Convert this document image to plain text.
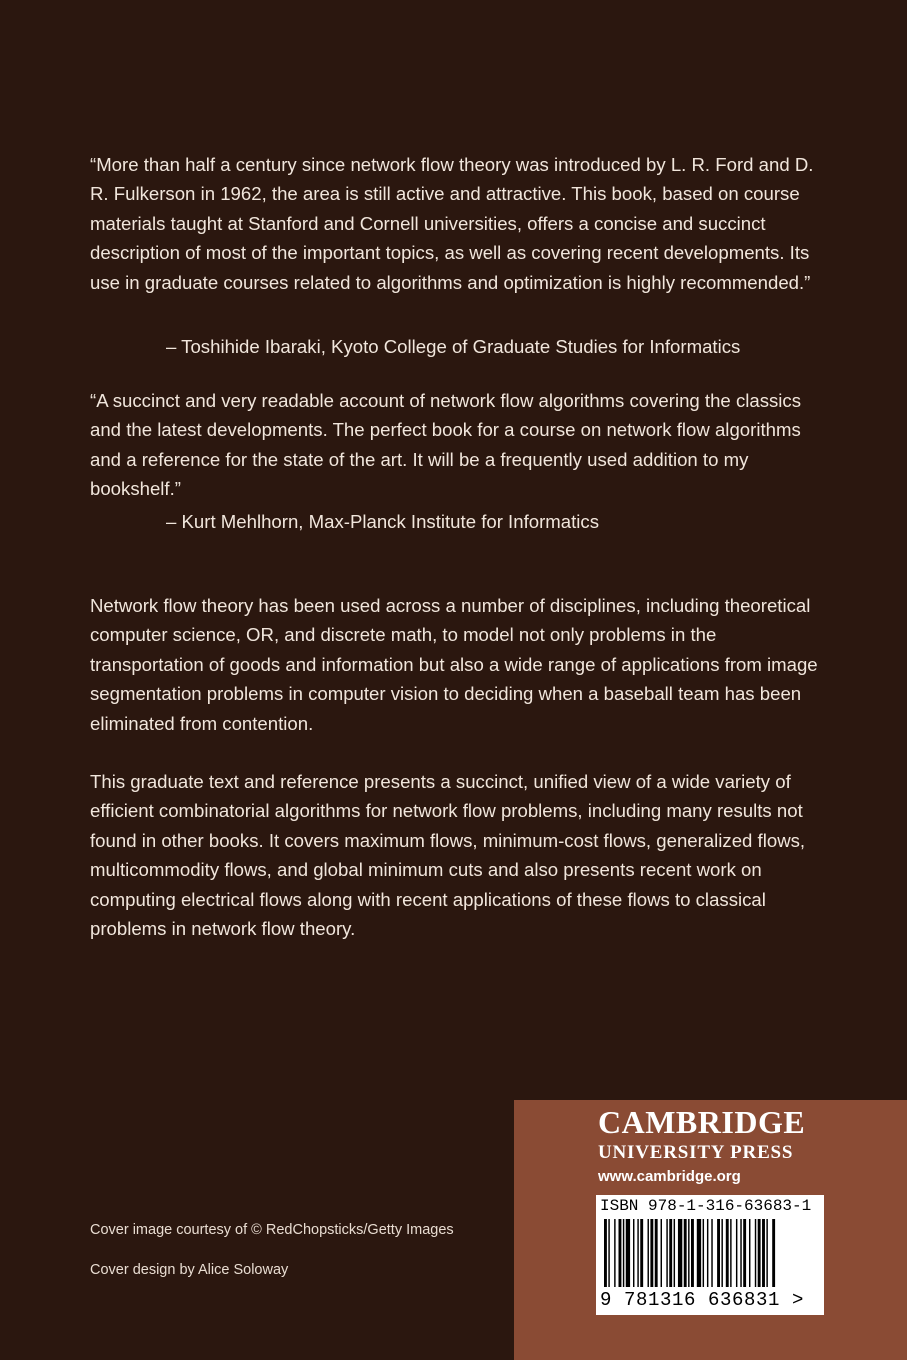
“More than half a century since network flow theory was introduced by L. R. Ford and D. R. Fulkerson in 1962, the area is still active and attractive. This book, based on course materials taught at Stanford and Cornell universities, offers a concise and succinct description of most of the important topics, as well as covering recent developments. Its use in graduate courses related to algorithms and optimization is highly recommended.”

– Toshihide Ibaraki, Kyoto College of Graduate Studies for Informatics

“A succinct and very readable account of network flow algorithms covering the classics and the latest developments. The perfect book for a course on network flow algorithms and a reference for the state of the art. It will be a frequently used addition to my bookshelf.”

– Kurt Mehlhorn, Max-Planck Institute for Informatics

Network flow theory has been used across a number of disciplines, including theoretical computer science, OR, and discrete math, to model not only problems in the transportation of goods and information but also a wide range of applications from image segmentation problems in computer vision to deciding when a baseball team has been eliminated from contention.

This graduate text and reference presents a succinct, unified view of a wide variety of efficient combinatorial algorithms for network flow problems, including many results not found in other books. It covers maximum flows, minimum-cost flows, generalized flows, multicommodity flows, and global minimum cuts and also presents recent work on computing electrical flows along with recent applications of these flows to classical problems in network flow theory.

Cover image courtesy of © RedChopsticks/Getty Images
Cover design by Alice Soloway
CAMBRIDGE
UNIVERSITY PRESS
www.cambridge.org
ISBN 978-1-316-63683-1
9 781316 636831 >
